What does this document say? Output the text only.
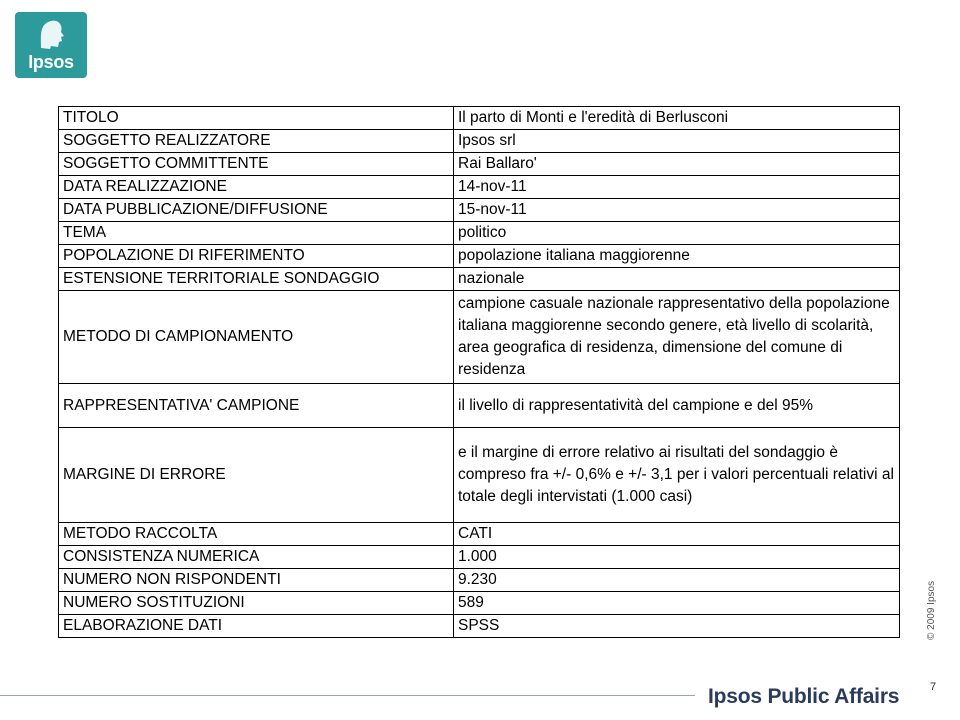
Ipsos
TITOLO	Il parto di Monti e l'eredità di Berlusconi
SOGGETTO REALIZZATORE	Ipsos srl
SOGGETTO COMMITTENTE	Rai Ballaro'
DATA REALIZZAZIONE	14-nov-11
DATA PUBBLICAZIONE/DIFFUSIONE	15-nov-11
TEMA	politico
POPOLAZIONE DI RIFERIMENTO	popolazione italiana maggiorenne
ESTENSIONE TERRITORIALE SONDAGGIO	nazionale
METODO DI CAMPIONAMENTO	campione casuale nazionale rappresentativo della popolazione italiana maggiorenne secondo genere, età livello di scolarità, area geografica di residenza, dimensione del comune di residenza
RAPPRESENTATIVA' CAMPIONE	il livello di rappresentatività del campione e del 95%
MARGINE DI ERRORE	e il margine di errore relativo ai risultati del sondaggio è compreso fra +/- 0,6% e +/- 3,1 per i valori percentuali relativi al totale degli intervistati (1.000 casi)
METODO RACCOLTA	CATI
CONSISTENZA NUMERICA	1.000
NUMERO NON RISPONDENTI	9.230
NUMERO SOSTITUZIONI	589
ELABORAZIONE DATI	SPSS	© 2009 Ipsos
7
Ipsos Public Affairs
